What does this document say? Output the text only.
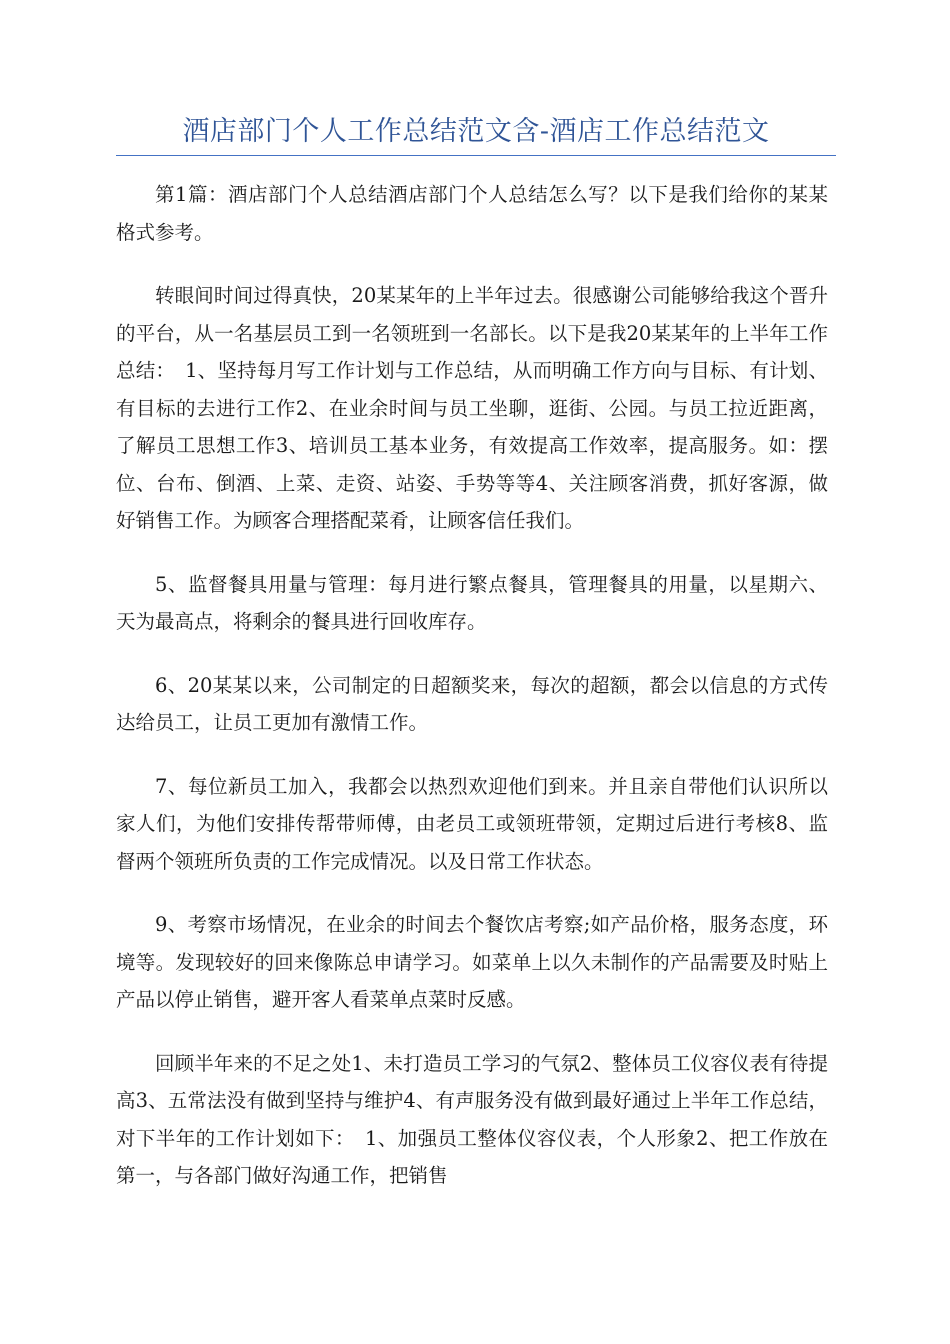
酒店部门个人工作总结范文含-酒店工作总结范文

第1篇：酒店部门个人总结酒店部门个人总结怎么写？以下是我们给你的某某格式参考。

转眼间时间过得真快，20某某年的上半年过去。很感谢公司能够给我这个晋升的平台，从一名基层员工到一名领班到一名部长。以下是我20某某年的上半年工作总结：　1、坚持每月写工作计划与工作总结，从而明确工作方向与目标、有计划、有目标的去进行工作2、在业余时间与员工坐聊，逛街、公园。与员工拉近距离，了解员工思想工作3、培训员工基本业务，有效提高工作效率，提高服务。如：摆位、台布、倒酒、上菜、走资、站姿、手势等等4、关注顾客消费，抓好客源，做好销售工作。为顾客合理搭配菜肴，让顾客信任我们。

5、监督餐具用量与管理：每月进行繁点餐具，管理餐具的用量，以星期六、天为最高点，将剩余的餐具进行回收库存。

6、20某某以来，公司制定的日超额奖来，每次的超额，都会以信息的方式传达给员工，让员工更加有激情工作。

7、每位新员工加入，我都会以热烈欢迎他们到来。并且亲自带他们认识所以家人们，为他们安排传帮带师傅，由老员工或领班带领，定期过后进行考核8、监督两个领班所负责的工作完成情况。以及日常工作状态。

9、考察市场情况，在业余的时间去个餐饮店考察;如产品价格，服务态度，环境等。发现较好的回来像陈总申请学习。如菜单上以久未制作的产品需要及时贴上产品以停止销售，避开客人看菜单点菜时反感。

回顾半年来的不足之处1、未打造员工学习的气氛2、整体员工仪容仪表有待提高3、五常法没有做到坚持与维护4、有声服务没有做到最好通过上半年工作总结，对下半年的工作计划如下：　1、加强员工整体仪容仪表，个人形象2、把工作放在第一，与各部门做好沟通工作，把销售
